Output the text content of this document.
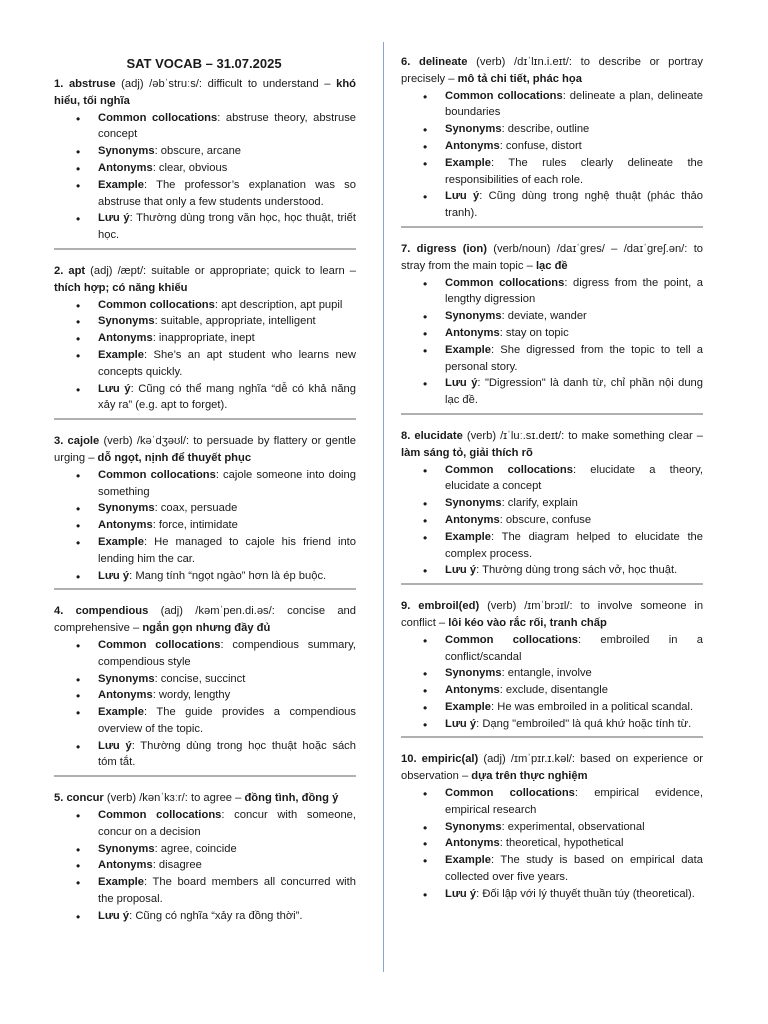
SAT VOCAB – 31.07.2025
1. abstruse (adj) /əbˈstruːs/: difficult to understand – khó hiểu, tối nghĩa
• Common collocations: abstruse theory, abstruse concept
• Synonyms: obscure, arcane
• Antonyms: clear, obvious
• Example: The professor’s explanation was so abstruse that only a few students understood.
• Lưu ý: Thường dùng trong văn học, học thuật, triết học.
2. apt (adj) /æpt/: suitable or appropriate; quick to learn – thích hợp; có năng khiếu
• Common collocations: apt description, apt pupil
• Synonyms: suitable, appropriate, intelligent
• Antonyms: inappropriate, inept
• Example: She’s an apt student who learns new concepts quickly.
• Lưu ý: Cũng có thể mang nghĩa “dễ có khả năng xảy ra” (e.g. apt to forget).
3. cajole (verb) /kəˈdʒəʊl/: to persuade by flattery or gentle urging – dỗ ngọt, nịnh để thuyết phục
• Common collocations: cajole someone into doing something
• Synonyms: coax, persuade
• Antonyms: force, intimidate
• Example: He managed to cajole his friend into lending him the car.
• Lưu ý: Mang tính “ngọt ngào” hơn là ép buộc.
4. compendious (adj) /kəmˈpen.di.əs/: concise and comprehensive – ngắn gọn nhưng đầy đủ
• Common collocations: compendious summary, compendious style
• Synonyms: concise, succinct
• Antonyms: wordy, lengthy
• Example: The guide provides a compendious overview of the topic.
• Lưu ý: Thường dùng trong học thuật hoặc sách tóm tắt.
5. concur (verb) /kənˈkɜːr/: to agree – đồng tình, đồng ý
• Common collocations: concur with someone, concur on a decision
• Synonyms: agree, coincide
• Antonyms: disagree
• Example: The board members all concurred with the proposal.
• Lưu ý: Cũng có nghĩa “xảy ra đồng thời”.
6. delineate (verb) /dɪˈlɪn.i.eɪt/: to describe or portray precisely – mô tả chi tiết, phác họa
• Common collocations: delineate a plan, delineate boundaries
• Synonyms: describe, outline
• Antonyms: confuse, distort
• Example: The rules clearly delineate the responsibilities of each role.
• Lưu ý: Cũng dùng trong nghệ thuật (phác thảo tranh).
7. digress (ion) (verb/noun) /daɪˈɡres/ – /daɪˈɡreʃ.ən/: to stray from the main topic – lạc đề
• Common collocations: digress from the point, a lengthy digression
• Synonyms: deviate, wander
• Antonyms: stay on topic
• Example: She digressed from the topic to tell a personal story.
• Lưu ý: "Digression" là danh từ, chỉ phần nội dung lạc đề.
8. elucidate (verb) /ɪˈluː.sɪ.deɪt/: to make something clear – làm sáng tỏ, giải thích rõ
• Common collocations: elucidate a theory, elucidate a concept
• Synonyms: clarify, explain
• Antonyms: obscure, confuse
• Example: The diagram helped to elucidate the complex process.
• Lưu ý: Thường dùng trong sách vở, học thuật.
9. embroil(ed) (verb) /ɪmˈbrɔɪl/: to involve someone in conflict – lôi kéo vào rắc rối, tranh chấp
• Common collocations: embroiled in a conflict/scandal
• Synonyms: entangle, involve
• Antonyms: exclude, disentangle
• Example: He was embroiled in a political scandal.
• Lưu ý: Dạng "embroiled" là quá khứ hoặc tính từ.
10. empiric(al) (adj) /ɪmˈpɪr.ɪ.kəl/: based on experience or observation – dựa trên thực nghiệm
• Common collocations: empirical evidence, empirical research
• Synonyms: experimental, observational
• Antonyms: theoretical, hypothetical
• Example: The study is based on empirical data collected over five years.
• Lưu ý: Đối lập với lý thuyết thuần túy (theoretical).
